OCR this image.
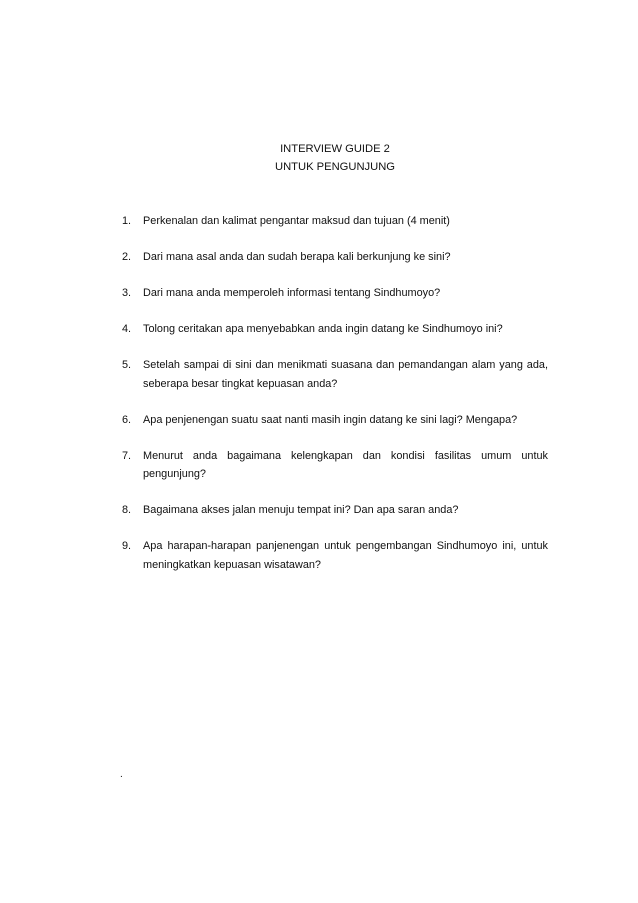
INTERVIEW GUIDE 2
UNTUK PENGUNJUNG
1. Perkenalan dan kalimat pengantar maksud dan tujuan (4 menit)
2. Dari mana asal anda dan sudah berapa kali berkunjung ke sini?
3. Dari mana anda memperoleh informasi tentang Sindhumoyo?
4. Tolong ceritakan apa menyebabkan anda ingin datang ke Sindhumoyo ini?
5. Setelah sampai di sini dan menikmati suasana dan pemandangan alam yang ada, seberapa besar tingkat kepuasan anda?
6. Apa penjenengan suatu saat nanti masih ingin datang ke sini lagi? Mengapa?
7. Menurut anda bagaimana kelengkapan dan kondisi fasilitas umum untuk pengunjung?
8. Bagaimana akses jalan menuju tempat ini? Dan apa saran anda?
9. Apa harapan-harapan panjenengan untuk pengembangan Sindhumoyo ini, untuk meningkatkan kepuasan wisatawan?
.
